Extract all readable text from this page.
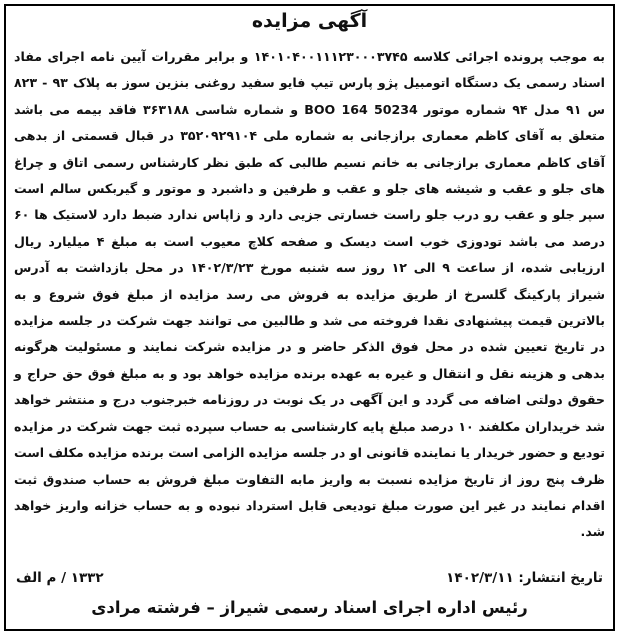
آگهی مزایده

به موجب پرونده اجرائی کلاسه ۱۴۰۱۰۴۰۰۱۱۱۲۳۰۰۰۳۷۴۵ و برابر مقررات آیین نامه اجرای مفاد اسناد رسمی یک دستگاه اتومبیل پژو پارس تیپ فایو سفید روغنی بنزین سوز به پلاک ۹۳ - ۸۲۳ س ۹۱ مدل ۹۴ شماره موتور BOO 164 50234 و شماره شاسی ۳۶۳۱۸۸ فاقد بیمه می باشد متعلق به آقای کاظم معماری برازجانی به شماره ملی ۳۵۲۰۹۲۹۱۰۴ در قبال قسمتی از بدهی آقای کاظم معماری برازجانی به خانم نسیم طالبی که طبق نظر کارشناس رسمی اتاق و چراغ های جلو و عقب و شیشه های جلو و عقب و طرفین و داشبرد و موتور و گیربکس سالم است سپر جلو و عقب رو درب جلو راست خسارتی جزیی دارد و زاپاس ندارد ضبط دارد لاستیک ها ۶۰ درصد می باشد تودوزی خوب است دیسک و صفحه کلاچ معیوب است به مبلغ ۴ میلیارد ریال ارزیابی شده، از ساعت ۹ الی ۱۲ روز سه شنبه مورخ ۱۴۰۲/۳/۲۳ در محل بازداشت به آدرس شیراز پارکینگ گلسرخ از طریق مزایده به فروش می رسد مزایده از مبلغ فوق شروع و به بالاترین قیمت پیشنهادی نقدا فروخته می شد و طالبین می توانند جهت شرکت در جلسه مزایده در تاریخ تعیین شده در محل فوق الذکر حاضر و در مزایده شرکت نمایند و مسئولیت هرگونه بدهی و هزینه نقل و انتقال و غیره به عهده برنده مزایده خواهد بود و به مبلغ فوق حق حراج و حقوق دولتی اضافه می گردد و این آگهی در یک نوبت در روزنامه خبرجنوب درج و منتشر خواهد شد خریداران مکلفند ۱۰ درصد مبلغ پایه کارشناسی به حساب سپرده ثبت جهت شرکت در مزایده تودیع و حضور خریدار یا نماینده قانونی او در جلسه مزایده الزامی است برنده مزایده مکلف است ظرف پنج روز از تاریخ مزایده نسبت به واریز مابه التفاوت مبلغ فروش به حساب صندوق ثبت اقدام نمایند در غیر این صورت مبلغ تودیعی قابل استرداد نبوده و به حساب خزانه واریز خواهد شد.

تاریخ انتشار: ۱۴۰۲/۳/۱۱
۱۳۳۲ / م الف
رئیس اداره اجرای اسناد رسمی شیراز – فرشته مرادی
